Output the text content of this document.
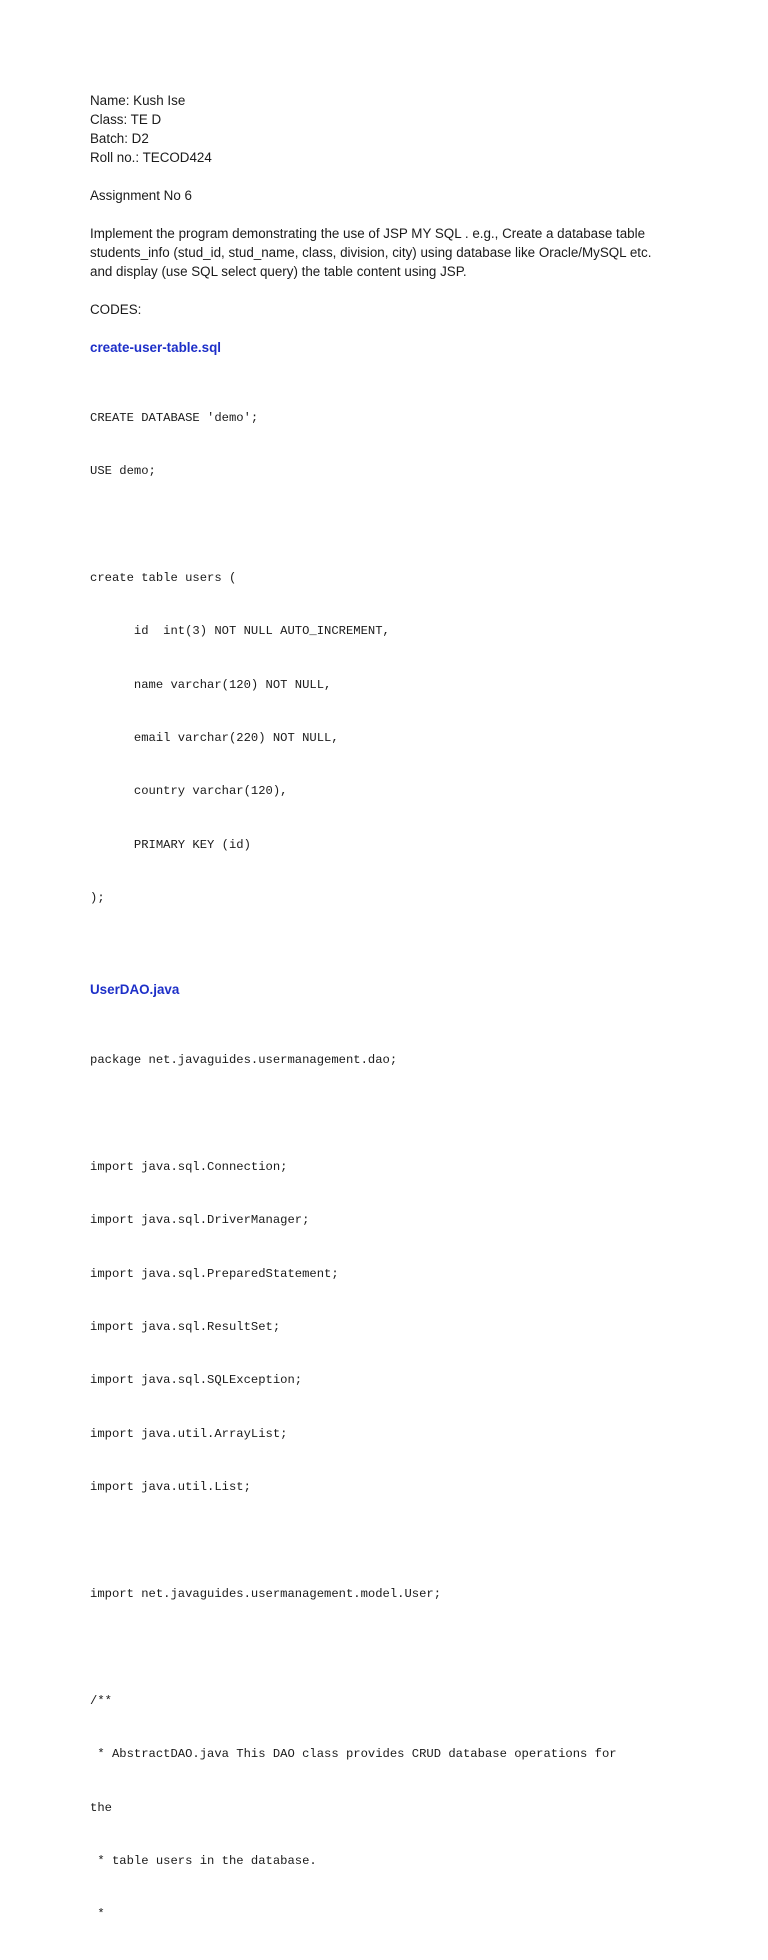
Name: Kush Ise
Class: TE D
Batch: D2
Roll no.: TECOD424
Assignment No 6
Implement the program demonstrating the use of JSP MY SQL . e.g., Create a database table
students_info (stud_id, stud_name, class, division, city) using database like Oracle/MySQL etc.
and display (use SQL select query) the table content using JSP.
CODES:
create-user-table.sql

CREATE DATABASE 'demo';

USE demo;

create table users (

id  int(3) NOT NULL AUTO_INCREMENT,

name varchar(120) NOT NULL,

email varchar(220) NOT NULL,

country varchar(120),

PRIMARY KEY (id)

);

UserDAO.java

package net.javaguides.usermanagement.dao;

import java.sql.Connection;

import java.sql.DriverManager;

import java.sql.PreparedStatement;

import java.sql.ResultSet;

import java.sql.SQLException;

import java.util.ArrayList;

import java.util.List;

import net.javaguides.usermanagement.model.User;

/**

* AbstractDAO.java This DAO class provides CRUD database operations for

the

* table users in the database.

*
